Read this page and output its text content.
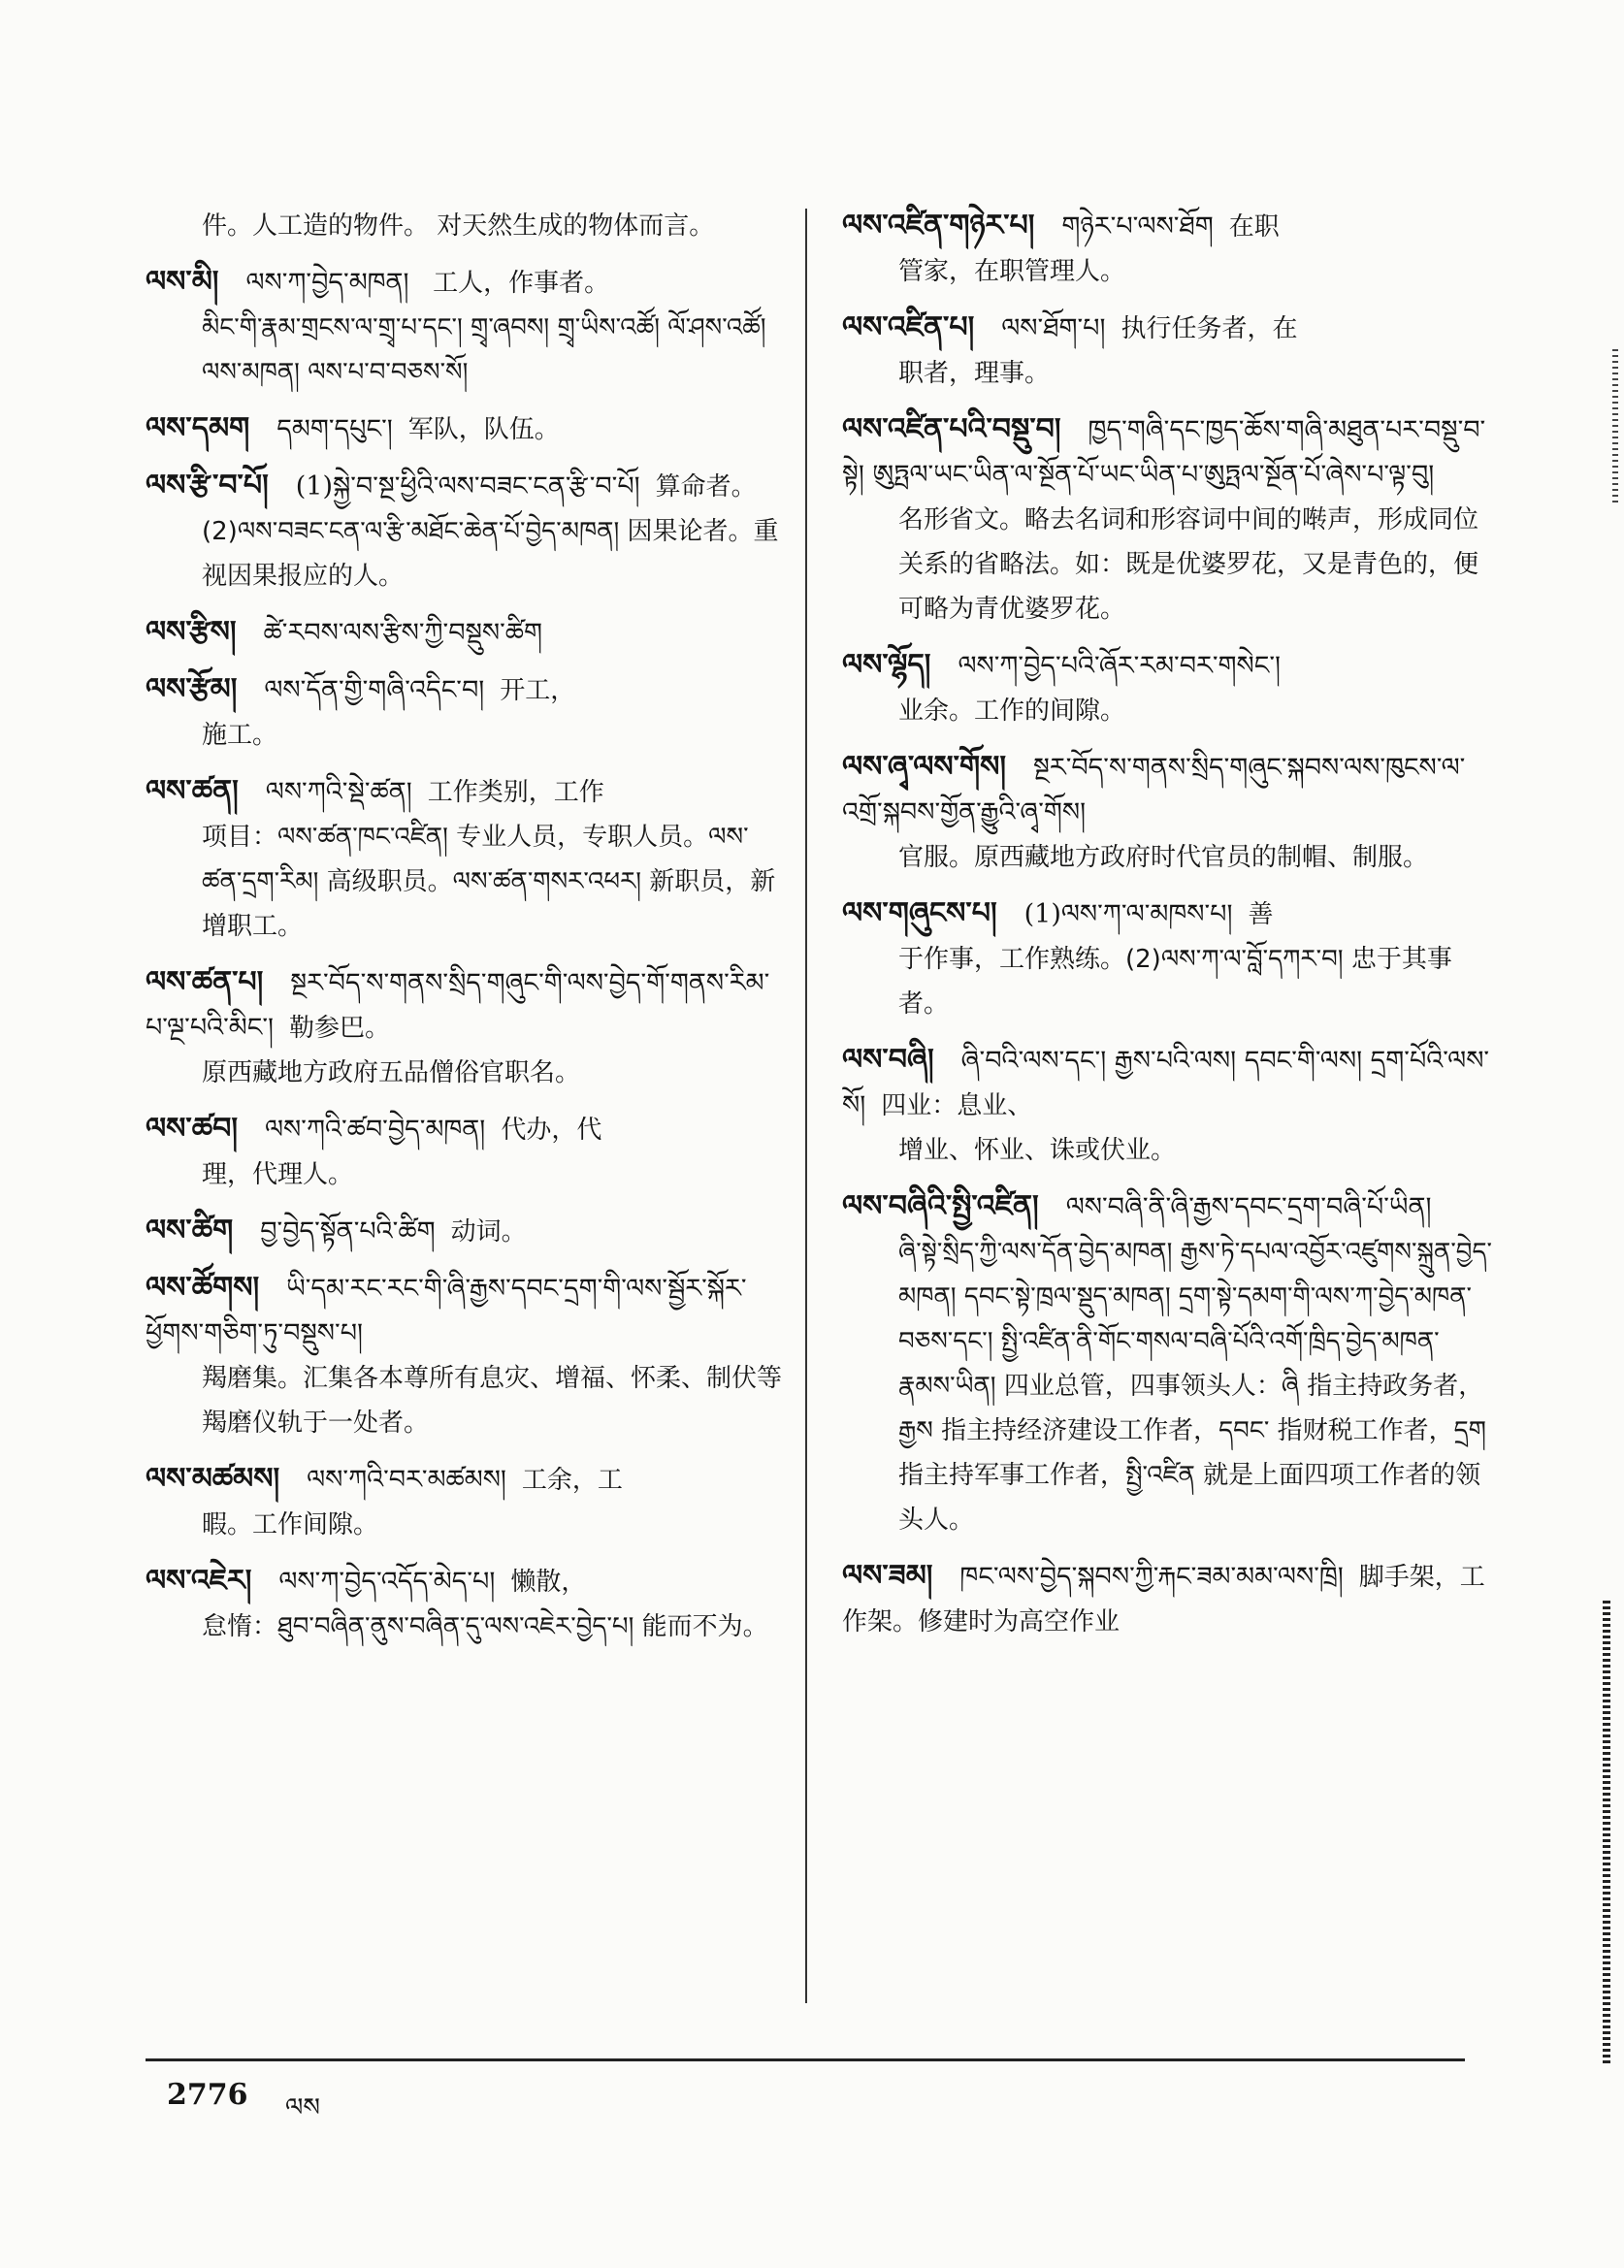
件。人工造的物件。 对天然生成的物体而言。
ལས་མི། ལས་ཀ་བྱེད་མཁན། 工人，作事者。
མིང་གི་རྣམ་གྲངས་ལ་གྲྭ་པ་དང་། གྲྭ་ཞབས། གྲྭ་ཡིས་འཚོ། ལོ་ཤས་འཚོ། ལས་མཁན། ལས་པ་བ་བཅས་སོ།
ལས་དམག དམག་དཔུང་། 军队，队伍。
ལས་རྩི་བ་པོ། (1)སྐྱེ་བ་སྔ་ཕྱིའི་ལས་བཟང་ངན་རྩི་བ་པོ། 算命者。
(2)ལས་བཟང་ངན་ལ་རྩི་མཐོང་ཆེན་པོ་བྱེད་མཁན། 因果论者。重视因果报应的人。
ལས་རྩིས། ཚེ་རབས་ལས་རྩིས་ཀྱི་བསྡུས་ཚིག
ལས་རྩོམ། ལས་དོན་གྱི་གཞི་འདིང་བ། 开工，
施工。
ལས་ཚན། ལས་ཀའི་སྡེ་ཚན། 工作类别，工作
项目：ལས་ཚན་ཁང་འཛིན། 专业人员，专职人员。ལས་ཚན་དྲག་རིམ། 高级职员。ལས་ཚན་གསར་འཕར། 新职员，新增职工。
ལས་ཚན་པ། སྔར་བོད་ས་གནས་སྲིད་གཞུང་གི་ལས་བྱེད་གོ་གནས་རིམ་པ་ལྔ་པའི་མིང་། 勒参巴。
原西藏地方政府五品僧俗官职名。
ལས་ཚབ། ལས་ཀའི་ཚབ་བྱེད་མཁན། 代办，代
理，代理人。
ལས་ཚིག བྱ་བྱེད་སྟོན་པའི་ཚིག 动词。
ལས་ཚོགས། ཡི་དམ་རང་རང་གི་ཞི་རྒྱས་དབང་དྲག་གི་ལས་སྦྱོར་སྐོར་ཕྱོགས་གཅིག་ཏུ་བསྡུས་པ།
羯磨集。汇集各本尊所有息灾、增福、怀柔、制伏等羯磨仪轨于一处者。
ལས་མཚམས། ལས་ཀའི་བར་མཚམས། 工余，工
暇。工作间隙。
ལས་འཇེར། ལས་ཀ་བྱེད་འདོད་མེད་པ། 懒散，
怠惰：ཐུབ་བཞིན་ནུས་བཞིན་དུ་ལས་འཇེར་བྱེད་པ། 能而不为。
ལས་འཛིན་གཉེར་པ། གཉེར་པ་ལས་ཐོག 在职
管家，在职管理人。
ལས་འཛིན་པ། ལས་ཐོག་པ། 执行任务者，在
职者，理事。
ལས་འཛིན་པའི་བསྡུ་བ། ཁྱད་གཞི་དང་ཁྱད་ཆོས་གཞི་མཐུན་པར་བསྡུ་བ་སྟེ། ཨུཏྤལ་ཡང་ཡིན་ལ་སྔོན་པོ་ཡང་ཡིན་པ་ཨུཏྤལ་སྔོན་པོ་ཞེས་པ་ལྟ་བུ།
名形省文。略去名词和形容词中间的啭声，形成同位关系的省略法。如：既是优婆罗花，又是青色的，便可略为青优婆罗花。
ལས་ལྷོད། ལས་ཀ་བྱེད་པའི་ཞོར་རམ་བར་གསེང་།
业余。工作的间隙。
ལས་ཞྭ་ལས་གོས། སྔར་བོད་ས་གནས་སྲིད་གཞུང་སྐབས་ལས་ཁུངས་ལ་འགྲོ་སྐབས་གྱོན་རྒྱུའི་ཞྭ་གོས།
官服。原西藏地方政府时代官员的制帽、制服。
ལས་གཞུངས་པ། (1)ལས་ཀ་ལ་མཁས་པ། 善
于作事，工作熟练。(2)ལས་ཀ་ལ་བློ་དཀར་བ། 忠于其事者。
ལས་བཞི། ཞི་བའི་ལས་དང་། རྒྱས་པའི་ལས། དབང་གི་ལས། དྲག་པོའི་ལས་སོ། 四业：息业、
增业、怀业、诛或伏业。
ལས་བཞིའི་སྤྱི་འཛིན། ལས་བཞི་ནི་ཞི་རྒྱས་དབང་དྲག་བཞི་པོ་ཡིན།
ཞི་སྟེ་སྲིད་ཀྱི་ལས་དོན་བྱེད་མཁན། རྒྱས་ཏེ་དཔལ་འབྱོར་འཛུགས་སྐྲུན་བྱེད་མཁན། དབང་སྟེ་ཁྲལ་སྡུད་མཁན། དྲག་སྟེ་དམག་གི་ལས་ཀ་བྱེད་མཁན་བཅས་དང་། སྤྱི་འཛིན་ནི་གོང་གསལ་བཞི་པོའི་འགོ་ཁྲིད་བྱེད་མཁན་རྣམས་ཡིན། 四业总管，四事领头人：ཞི 指主持政务者，རྒྱས 指主持经济建设工作者，དབང་ 指财税工作者，དྲག 指主持军事工作者，སྤྱི་འཛིན 就是上面四项工作者的领头人。
ལས་ཟམ། ཁང་ལས་བྱེད་སྐབས་ཀྱི་རྐང་ཟམ་མམ་ལས་ཁྲི། 脚手架，工作架。修建时为高空作业
2776 ལས
